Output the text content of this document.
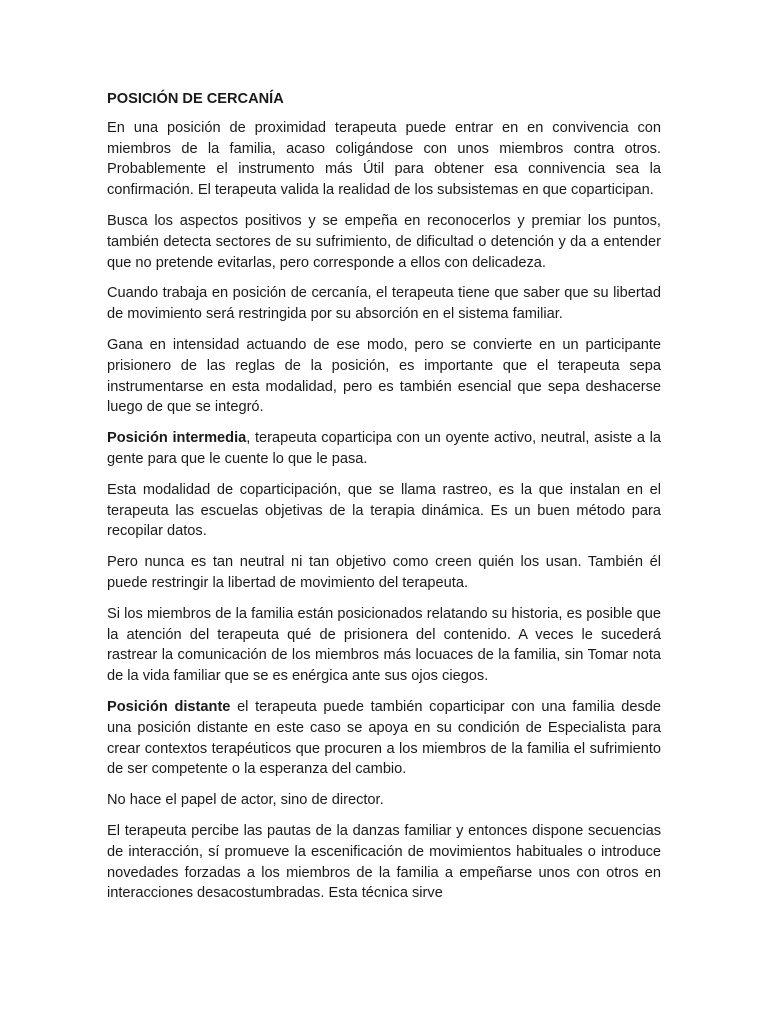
POSICIÓN DE CERCANÍA

En una posición de proximidad terapeuta puede entrar en en convivencia con miembros de la familia, acaso coligándose con unos miembros contra otros. Probablemente el instrumento más Útil para obtener esa connivencia sea la confirmación. El terapeuta valida la realidad de los subsistemas en que coparticipan.

Busca los aspectos positivos y se empeña en reconocerlos y premiar los puntos, también detecta sectores de su sufrimiento, de dificultad o detención y da a entender que no pretende evitarlas, pero corresponde a ellos con delicadeza.

Cuando trabaja en posición de cercanía, el terapeuta tiene que saber que su libertad de movimiento será restringida por su absorción en el sistema familiar.

Gana en intensidad actuando de ese modo, pero se convierte en un participante prisionero de las reglas de la posición, es importante que el terapeuta sepa instrumentarse en esta modalidad, pero es también esencial que sepa deshacerse luego de que se integró.

Posición intermedia, terapeuta coparticipa con un oyente activo, neutral, asiste a la gente para que le cuente lo que le pasa.

Esta modalidad de coparticipación, que se llama rastreo, es la que instalan en el terapeuta las escuelas objetivas de la terapia dinámica. Es un buen método para recopilar datos.

Pero nunca es tan neutral ni tan objetivo como creen quién los usan. También él puede restringir la libertad de movimiento del terapeuta.

Si los miembros de la familia están posicionados relatando su historia, es posible que la atención del terapeuta qué de prisionera del contenido. A veces le sucederá rastrear la comunicación de los miembros más locuaces de la familia, sin Tomar nota de la vida familiar que se es enérgica ante sus ojos ciegos.

Posición distante el terapeuta puede también coparticipar con una familia desde una posición distante en este caso se apoya en su condición de Especialista para crear contextos terapéuticos que procuren a los miembros de la familia el sufrimiento de ser competente o la esperanza del cambio.

No hace el papel de actor, sino de director.

El terapeuta percibe las pautas de la danzas familiar y entonces dispone secuencias de interacción, sí promueve la escenificación de movimientos habituales o introduce novedades forzadas a los miembros de la familia a empeñarse unos con otros en interacciones desacostumbradas. Esta técnica sirve
